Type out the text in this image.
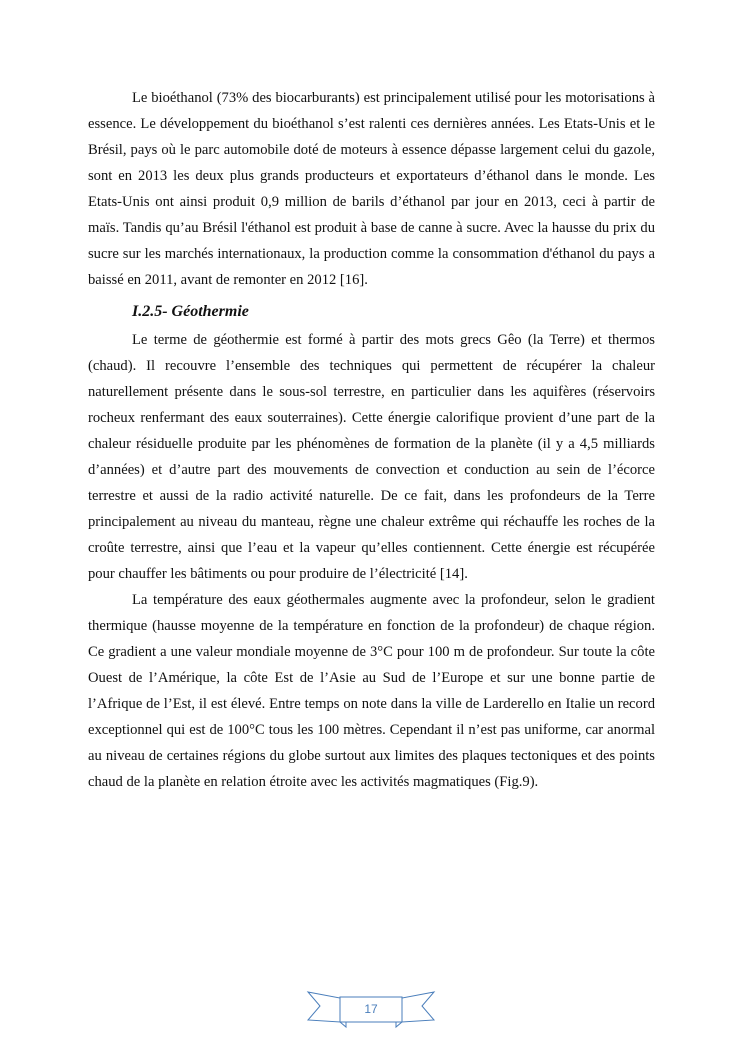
Le bioéthanol (73% des biocarburants) est principalement utilisé pour les motorisations à essence. Le développement du bioéthanol s’est ralenti ces dernières années. Les Etats-Unis et le Brésil, pays où le parc automobile doté de moteurs à essence dépasse largement celui du gazole, sont en 2013 les deux plus grands producteurs et exportateurs d’éthanol dans le monde. Les Etats-Unis ont ainsi produit 0,9 million de barils d’éthanol par jour en 2013, ceci à partir de maïs. Tandis qu’au Brésil l'éthanol est produit à base de canne à sucre. Avec la hausse du prix du sucre sur les marchés internationaux, la production comme la consommation d'éthanol du pays a baissé en 2011, avant de remonter en 2012 [16].

I.2.5- Géothermie

Le terme de géothermie est formé à partir des mots grecs Gêo (la Terre) et thermos (chaud). Il recouvre l’ensemble des techniques qui permettent de récupérer la chaleur naturellement présente dans le sous-sol terrestre, en particulier dans les aquifères (réservoirs rocheux renfermant des eaux souterraines). Cette énergie calorifique provient d’une part de la chaleur résiduelle produite par les phénomènes de formation de la planète (il y a 4,5 milliards d’années) et d’autre part des mouvements de convection et conduction au sein de l’écorce terrestre et aussi de la radio activité naturelle. De ce fait, dans les profondeurs de la Terre principalement au niveau du manteau, règne une chaleur extrême qui réchauffe les roches de la croûte terrestre, ainsi que l’eau et la vapeur qu’elles contiennent. Cette énergie est récupérée pour chauffer les bâtiments ou pour produire de l’électricité [14].

La température des eaux géothermales augmente avec la profondeur, selon le gradient thermique (hausse moyenne de la température en fonction de la profondeur) de chaque région. Ce gradient a une valeur mondiale moyenne de 3°C pour 100 m de profondeur. Sur toute la côte Ouest de l’Amérique, la côte Est de l’Asie au Sud de l’Europe et sur une bonne partie de l’Afrique de l’Est, il est élevé. Entre temps on note dans la ville de Larderello en Italie un record exceptionnel qui est de 100°C tous les 100 mètres. Cependant il n’est pas uniforme, car anormal au niveau de certaines régions du globe surtout aux limites des plaques tectoniques et des points chaud de la planète en relation étroite avec les activités magmatiques (Fig.9).

17
